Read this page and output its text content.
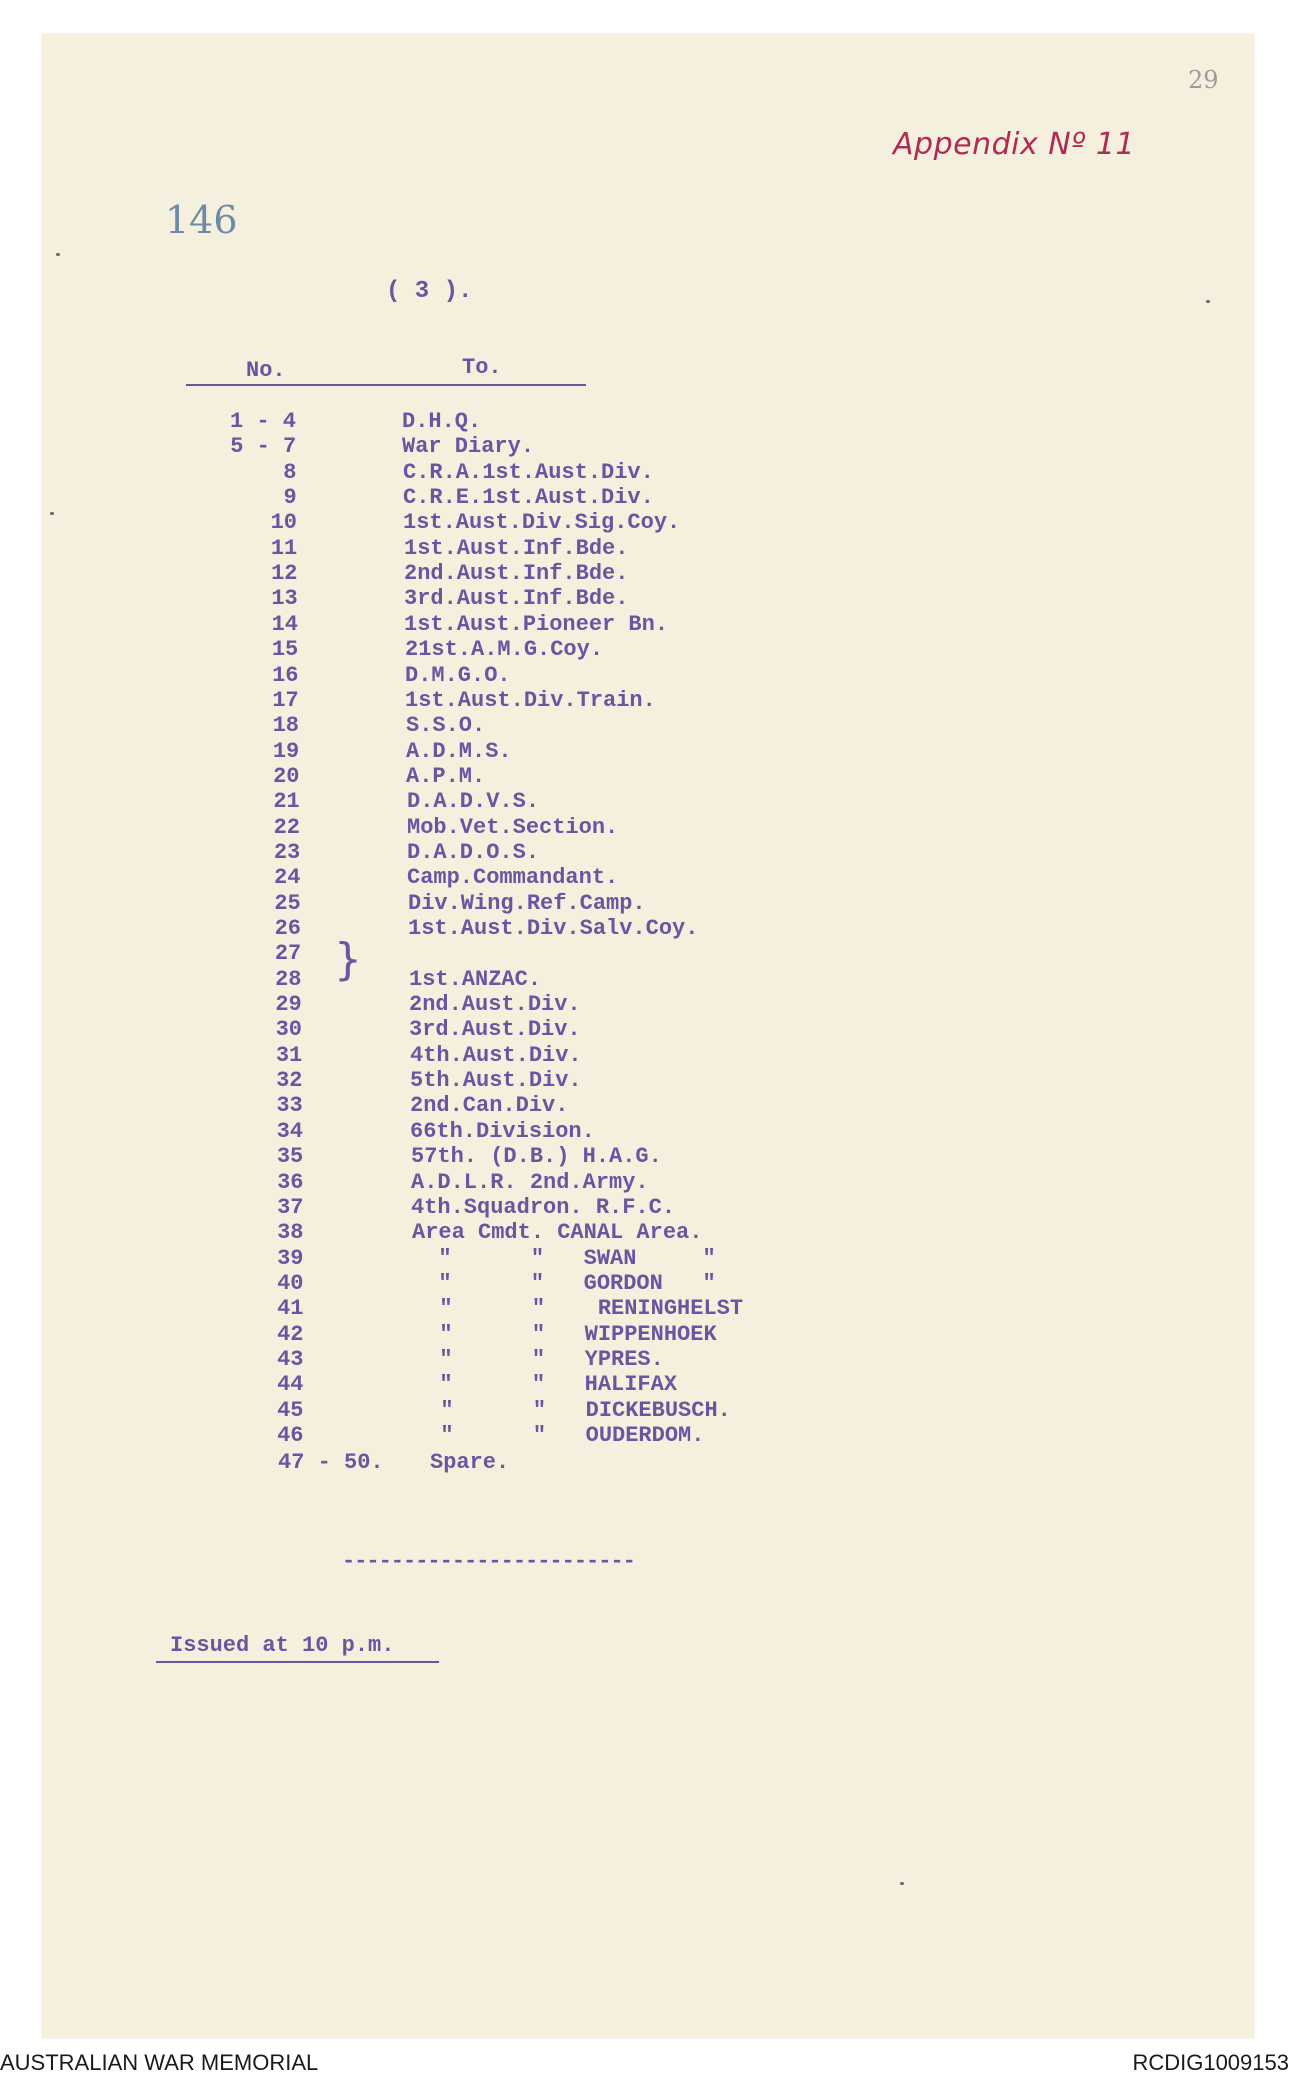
29
Appendix Nº 11
146
( 3 ).
No.	To.
1 - 4	D.H.Q.
5 - 7	War Diary.
8	C.R.A.1st.Aust.Div.
9	C.R.E.1st.Aust.Div.
10	1st.Aust.Div.Sig.Coy.
11	1st.Aust.Inf.Bde.
12	2nd.Aust.Inf.Bde.
13	3rd.Aust.Inf.Bde.
14	1st.Aust.Pioneer Bn.
15	21st.A.M.G.Coy.
16	D.M.G.O.
17	1st.Aust.Div.Train.
18	S.S.O.
19	A.D.M.S.
20	A.P.M.
21	D.A.D.V.S.
22	Mob.Vet.Section.
23	D.A.D.O.S.
24	Camp.Commandant.
25	Div.Wing.Ref.Camp.
26	1st.Aust.Div.Salv.Coy.
27
28	1st.ANZAC.
29	2nd.Aust.Div.
30	3rd.Aust.Div.
31	4th.Aust.Div.
32	5th.Aust.Div.
33	2nd.Can.Div.
34	66th.Division.
35	57th. (D.B.) H.A.G.
36	A.D.L.R. 2nd.Army.
37	4th.Squadron. R.F.C.
38	Area Cmdt. CANAL Area.
39	"      "   SWAN     "
40	"      "   GORDON   "
41	"      "    RENINGHELST
42	"      "   WIPPENHOEK
43	"      "   YPRES.
44	"      "   HALIFAX
45	"      "   DICKEBUSCH.
46	"      "   OUDERDOM.
}
47 - 50. Spare.
------------------------
Issued at 10 p.m.
AUSTRALIAN WAR MEMORIAL	RCDIG1009153
